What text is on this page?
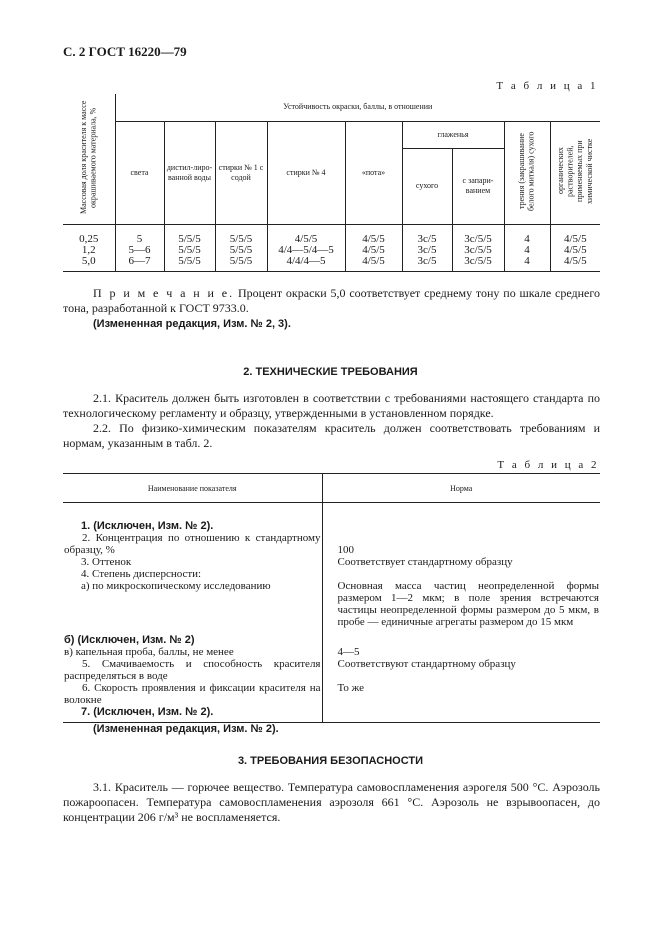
С. 2 ГОСТ 16220—79
Т а б л и ц а 1
Массовая доля красителя к массе окрашиваемого материала, %	Устойчивость окраски, баллы, в отношении								
	света	дистил-лиро-ванной воды	стирки № 1 с содой	стирки № 4	«пота»	глаженья		трения (закрашивание белого миткаля) сухого	органических растворителей, применяемых при химической чистке
						сухого	с запари-ванием		
0,25	5	5/5/5	5/5/5	4/5/5	4/5/5	3с/5	3с/5/5	4	4/5/5
1,2	5—6	5/5/5	5/5/5	4/4—5/4—5	4/5/5	3с/5	3с/5/5	4	4/5/5
5,0	6—7	5/5/5	5/5/5	4/4/4—5	4/5/5	3с/5	3с/5/5	4	4/5/5
П р и м е ч а н и е. Процент окраски 5,0 соответствует среднему тону по шкале среднего тона, разработанной к ГОСТ 9733.0.
(Измененная редакция, Изм. № 2, 3).
2. ТЕХНИЧЕСКИЕ ТРЕБОВАНИЯ
2.1. Краситель должен быть изготовлен в соответствии с требованиями настоящего стандарта по технологическому регламенту и образцу, утвержденными в установленном порядке.
2.2. По физико-химическим показателям краситель должен соответствовать требованиям и нормам, указанным в табл. 2.
Т а б л и ц а 2
Наименование показателя	Норма
1. (Исключен, Изм. № 2).	
2. Концентрация по отношению к стандартному образцу, %	100
3. Оттенок	Соответствует стандартному образцу
4. Степень дисперсности:	
а) по микроскопическому исследованию	Основная масса частиц неопределенной формы размером 1—2 мкм; в поле зрения встречаются частицы неопределенной формы размером до 5 мкм, в пробе — единичные агрегаты размером до 15 мкм
б) (Исключен, Изм. № 2)	
в) капельная проба, баллы, не менее	4—5
5. Смачиваемость и способность красителя распределяться в воде	Соответствуют стандартному образцу
6. Скорость проявления и фиксации красителя на волокне	То же
7. (Исключен, Изм. № 2).	
(Измененная редакция, Изм. № 2).
3. ТРЕБОВАНИЯ БЕЗОПАСНОСТИ
3.1. Краситель — горючее вещество. Температура самовоспламенения аэрогеля 500 °С. Аэрозоль пожароопасен. Температура самовоспламенения аэрозоля 661 °С. Аэрозоль не взрывоопасен, до концентрации 206 г/м³ не воспламеняется.
